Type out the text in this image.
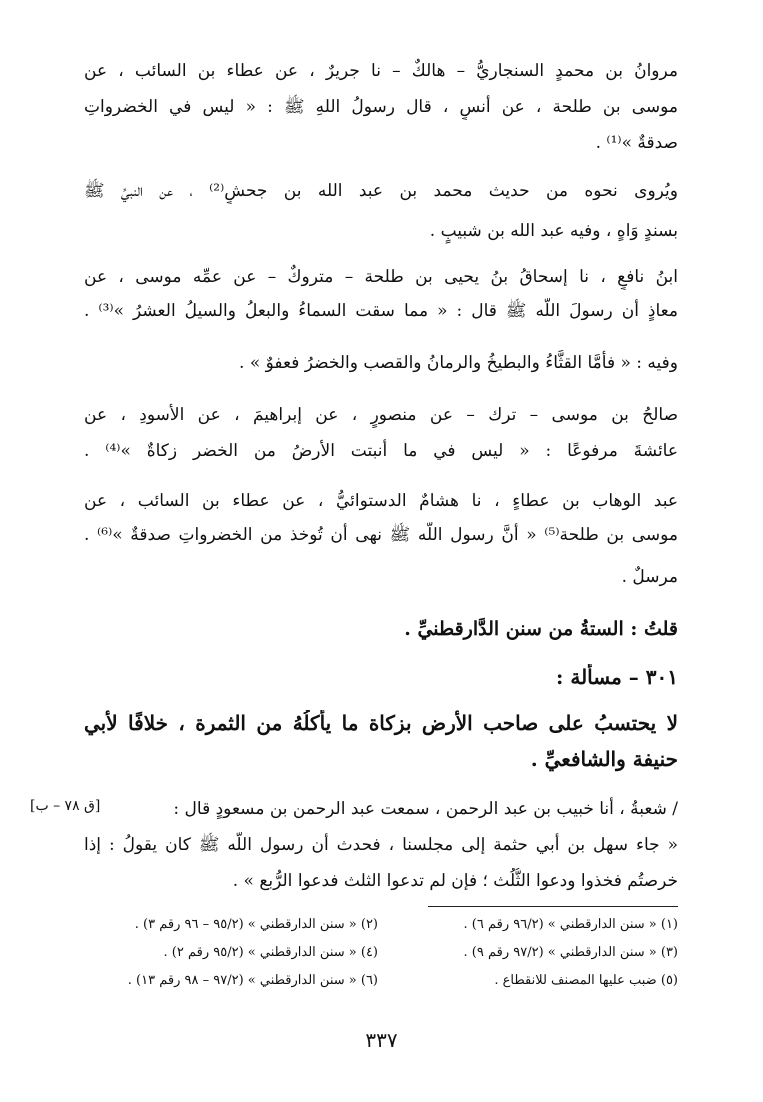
مروانُ بن محمدٍ السنجاريُّ – هالكٌ – نا جريرٌ ، عن عطاء بن السائب ، عن
موسى بن طلحة ، عن أنسٍ ، قال رسولُ اللهِ ﷺ : « ليس في الخضرواتِ
صدقةٌ »⁽¹⁾ .
ويُروى نحوه من حديث محمد بن عبد الله بن جحشٍ⁽²⁾ ، عن النبيِّ ﷺ
بسندٍ وَاهٍ ، وفيه عبد الله بن شبيبٍ .
ابنُ نافعٍ ، نا إسحاقُ بنُ يحيى بن طلحة – متروكٌ – عن عمِّه موسى ، عن
معاذٍ أن رسولَ اللّه ﷺ قال : « مما سقت السماءُ والبعلُ والسيلُ العشرُ »⁽³⁾ .
وفيه : « فأمَّا القثَّاءُ والبطيخُ والرمانُ والقصب والخضرُ فعفوٌ » .
صالحُ بن موسى – ترك – عن منصورٍ ، عن إبراهيمَ ، عن الأسودِ ، عن
عائشةَ مرفوعًا : « ليس في ما أنبتت الأرضُ من الخضر زكاةٌ »⁽⁴⁾ .
عبد الوهاب بن عطاءٍ ، نا هشامٌ الدستوائيُّ ، عن عطاء بن السائب ، عن
موسى بن طلحة⁽⁵⁾ « أنَّ رسول اللّه ﷺ نهى أن تُوخذ من الخضرواتِ صدقةٌ »⁽⁶⁾ .
مرسلٌ .
قلتُ : الستةُ من سنن الدَّارقطنيِّ .
٣٠١ – مسألة :
لا يحتسبُ على صاحب الأرض بزكاة ما يأكلُهُ من الثمرة ، خلافًا لأبي
حنيفة والشافعيِّ .
[ق ٧٨ – ب]	/ شعبةُ ، أنا خبيب بن عبد الرحمن ، سمعت عبد الرحمن بن مسعودٍ قال :
« جاء سهل بن أبي حثمة إلى مجلسنا ، فحدث أن رسول اللّه ﷺ كان يقولُ : إذا
خرصتُم فخذوا ودعوا الثُّلُث ؛ فإن لم تدعوا الثلث فدعوا الرُّبع » .
(١) « سنن الدارقطني » (٩٦/٢ رقم ٦) .
(٢) « سنن الدارقطني » (٩٥/٢ – ٩٦ رقم ٣) .
(٣) « سنن الدارقطني » (٩٧/٢ رقم ٩) .
(٤) « سنن الدارقطني » (٩٥/٢ رقم ٢) .
(٥) ضبب عليها المصنف للانقطاع .
(٦) « سنن الدارقطني » (٩٧/٢ – ٩٨ رقم ١٣) .
٣٣٧
